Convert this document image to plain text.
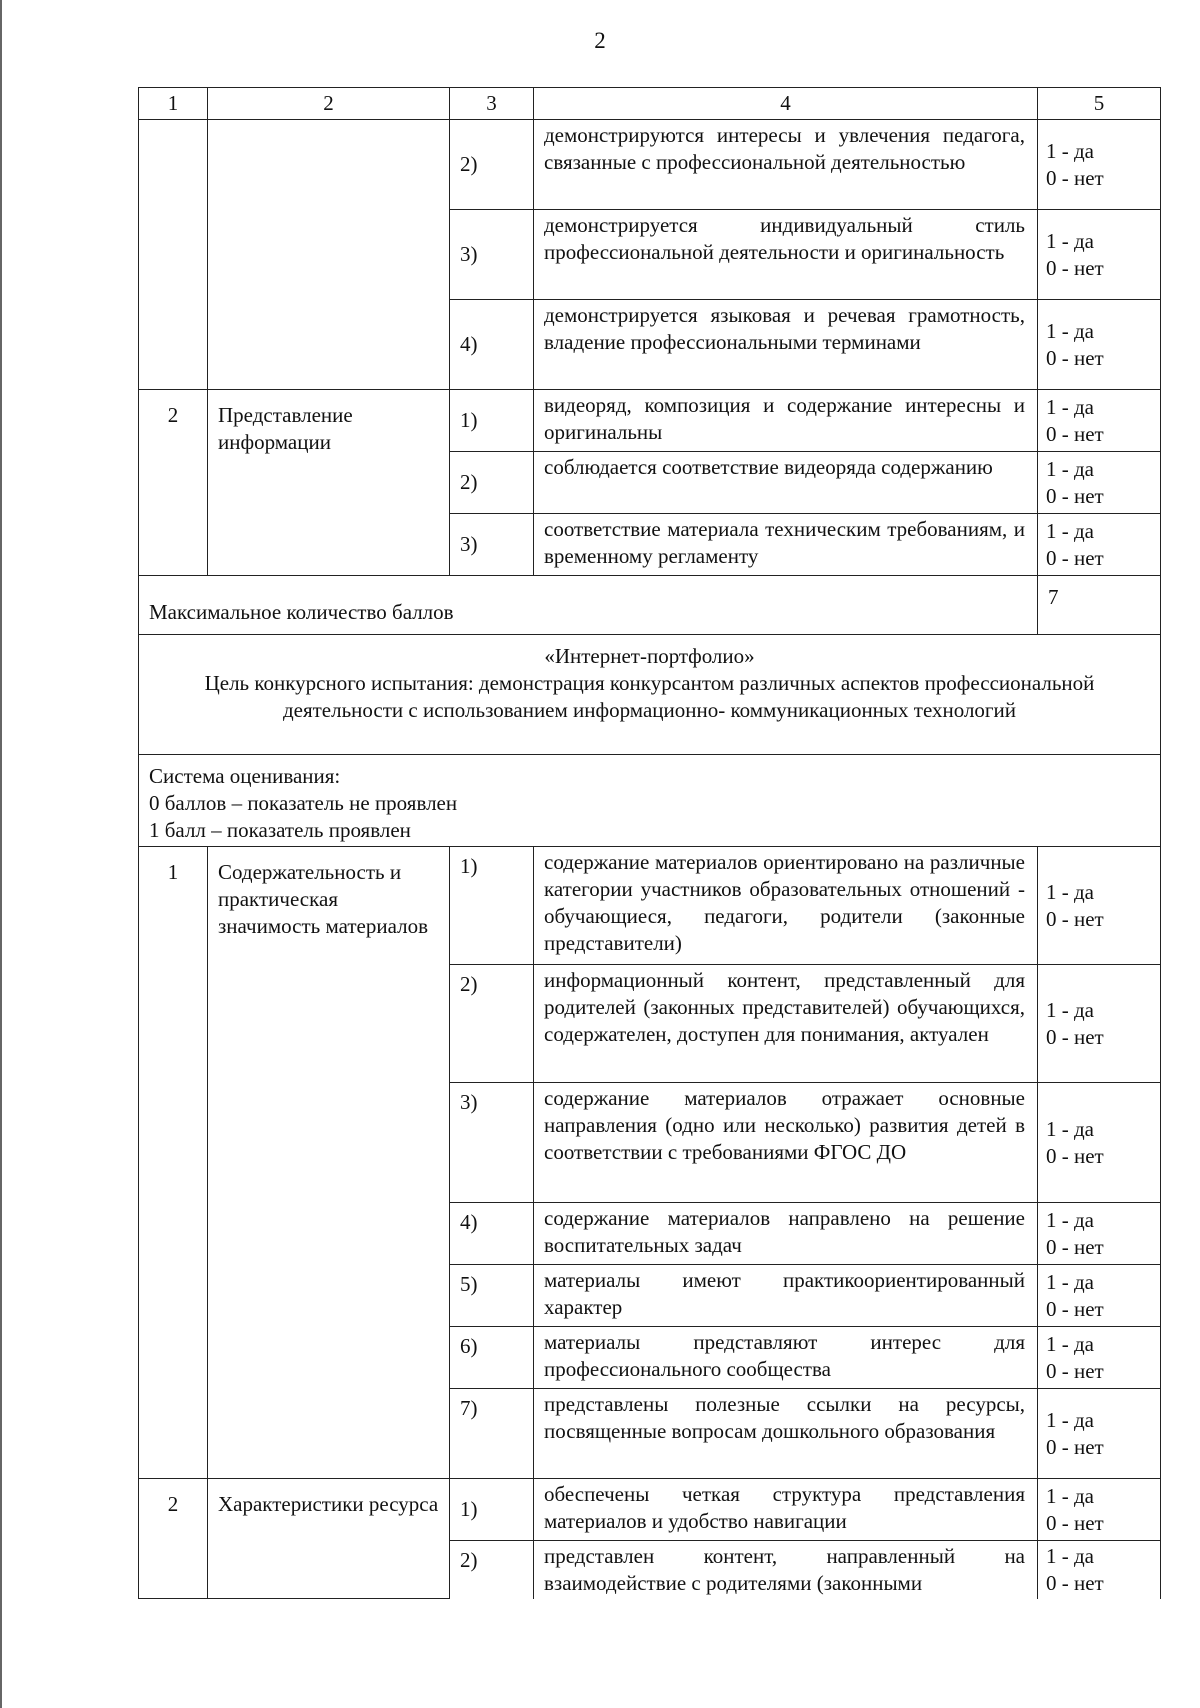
2
1	2	3	4	5
		2)	демонстрируются интересы и увлечения педагога, связанные с профессиональной деятельностью	1 - да
0 - нет

		3)	демонстрируется индивидуальный стиль профессиональной деятельности и оригинальность	1 - да
0 - нет

		4)	демонстрируется языковая и речевая грамотность, владение профессиональными терминами	1 - да
0 - нет

2	Представление информации	1)	видеоряд, композиция и содержание интересны и оригинальны	1 - да
0 - нет

		2)	соблюдается соответствие видеоряда содержанию	1 - да
0 - нет

		3)	соответствие материала техническим требованиям, и временному регламенту	1 - да
0 - нет

Максимальное количество баллов				7

«Интернет-портфолио»
Цель конкурсного испытания: демонстрация конкурсантом различных аспектов профессиональной деятельности с использованием информационно- коммуникационных технологий				

Система оценивания:
0 баллов – показатель не проявлен
1 балл – показатель проявлен				

1	Содержательность и практическая значимость материалов	1)	содержание материалов ориентировано на различные категории участников образовательных отношений - обучающиеся, педагоги, родители (законные представители)	1 - да
0 - нет

		2)	информационный контент, представленный для родителей (законных представителей) обучающихся, содержателен, доступен для понимания, актуален	1 - да
0 - нет

		3)	содержание материалов отражает основные направления (одно или несколько) развития детей в соответствии с требованиями ФГОС ДО	1 - да
0 - нет

		4)	содержание материалов направлено на решение воспитательных задач	1 - да
0 - нет

		5)	материалы имеют практикоориентированный характер	1 - да
0 - нет

		6)	материалы представляют интерес для профессионального сообщества	1 - да
0 - нет

		7)	представлены полезные ссылки на ресурсы, посвященные вопросам дошкольного образования	1 - да
0 - нет

2	Характеристики ресурса	1)	обеспечены четкая структура представления материалов и удобство навигации	1 - да
0 - нет

		2)	представлен контент, направленный на взаимодействие с родителями (законными	1 - да
0 - нет
